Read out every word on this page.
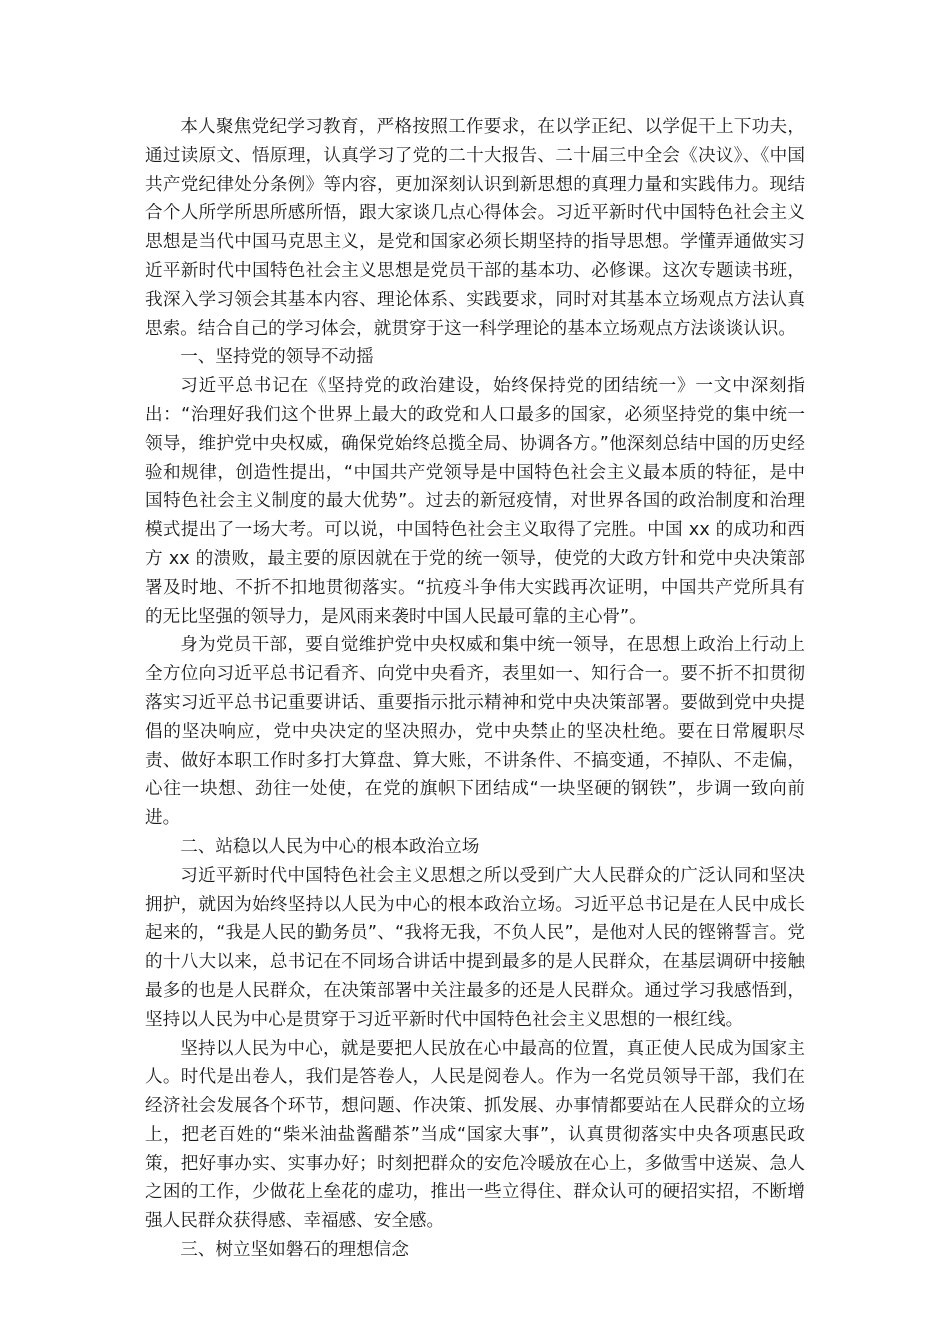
本人聚焦党纪学习教育，严格按照工作要求，在以学正纪、以学促干上下功夫，通过读原文、悟原理，认真学习了党的二十大报告、二十届三中全会《决议》、《中国共产党纪律处分条例》等内容，更加深刻认识到新思想的真理力量和实践伟力。现结合个人所学所思所感所悟，跟大家谈几点心得体会。习近平新时代中国特色社会主义思想是当代中国马克思主义，是党和国家必须长期坚持的指导思想。学懂弄通做实习近平新时代中国特色社会主义思想是党员干部的基本功、必修课。这次专题读书班，我深入学习领会其基本内容、理论体系、实践要求，同时对其基本立场观点方法认真思索。结合自己的学习体会，就贯穿于这一科学理论的基本立场观点方法谈谈认识。

一、坚持党的领导不动摇

习近平总书记在《坚持党的政治建设，始终保持党的团结统一》一文中深刻指出：“治理好我们这个世界上最大的政党和人口最多的国家，必须坚持党的集中统一领导，维护党中央权威，确保党始终总揽全局、协调各方。”他深刻总结中国的历史经验和规律，创造性提出，“中国共产党领导是中国特色社会主义最本质的特征，是中国特色社会主义制度的最大优势”。过去的新冠疫情，对世界各国的政治制度和治理模式提出了一场大考。可以说，中国特色社会主义取得了完胜。中国 xx 的成功和西方 xx 的溃败，最主要的原因就在于党的统一领导，使党的大政方针和党中央决策部署及时地、不折不扣地贯彻落实。“抗疫斗争伟大实践再次证明，中国共产党所具有的无比坚强的领导力，是风雨来袭时中国人民最可靠的主心骨”。

身为党员干部，要自觉维护党中央权威和集中统一领导，在思想上政治上行动上全方位向习近平总书记看齐、向党中央看齐，表里如一、知行合一。要不折不扣贯彻落实习近平总书记重要讲话、重要指示批示精神和党中央决策部署。要做到党中央提倡的坚决响应，党中央决定的坚决照办，党中央禁止的坚决杜绝。要在日常履职尽责、做好本职工作时多打大算盘、算大账，不讲条件、不搞变通，不掉队、不走偏，心往一块想、劲往一处使，在党的旗帜下团结成“一块坚硬的钢铁”，步调一致向前进。

二、站稳以人民为中心的根本政治立场

习近平新时代中国特色社会主义思想之所以受到广大人民群众的广泛认同和坚决拥护，就因为始终坚持以人民为中心的根本政治立场。习近平总书记是在人民中成长起来的，“我是人民的勤务员”、“我将无我，不负人民”，是他对人民的铿锵誓言。党的十八大以来，总书记在不同场合讲话中提到最多的是人民群众，在基层调研中接触最多的也是人民群众，在决策部署中关注最多的还是人民群众。通过学习我感悟到，坚持以人民为中心是贯穿于习近平新时代中国特色社会主义思想的一根红线。

坚持以人民为中心，就是要把人民放在心中最高的位置，真正使人民成为国家主人。时代是出卷人，我们是答卷人，人民是阅卷人。作为一名党员领导干部，我们在经济社会发展各个环节，想问题、作决策、抓发展、办事情都要站在人民群众的立场上，把老百姓的“柴米油盐酱醋茶”当成“国家大事”，认真贯彻落实中央各项惠民政策，把好事办实、实事办好；时刻把群众的安危冷暖放在心上，多做雪中送炭、急人之困的工作，少做花上垒花的虚功，推出一些立得住、群众认可的硬招实招，不断增强人民群众获得感、幸福感、安全感。

三、树立坚如磐石的理想信念
